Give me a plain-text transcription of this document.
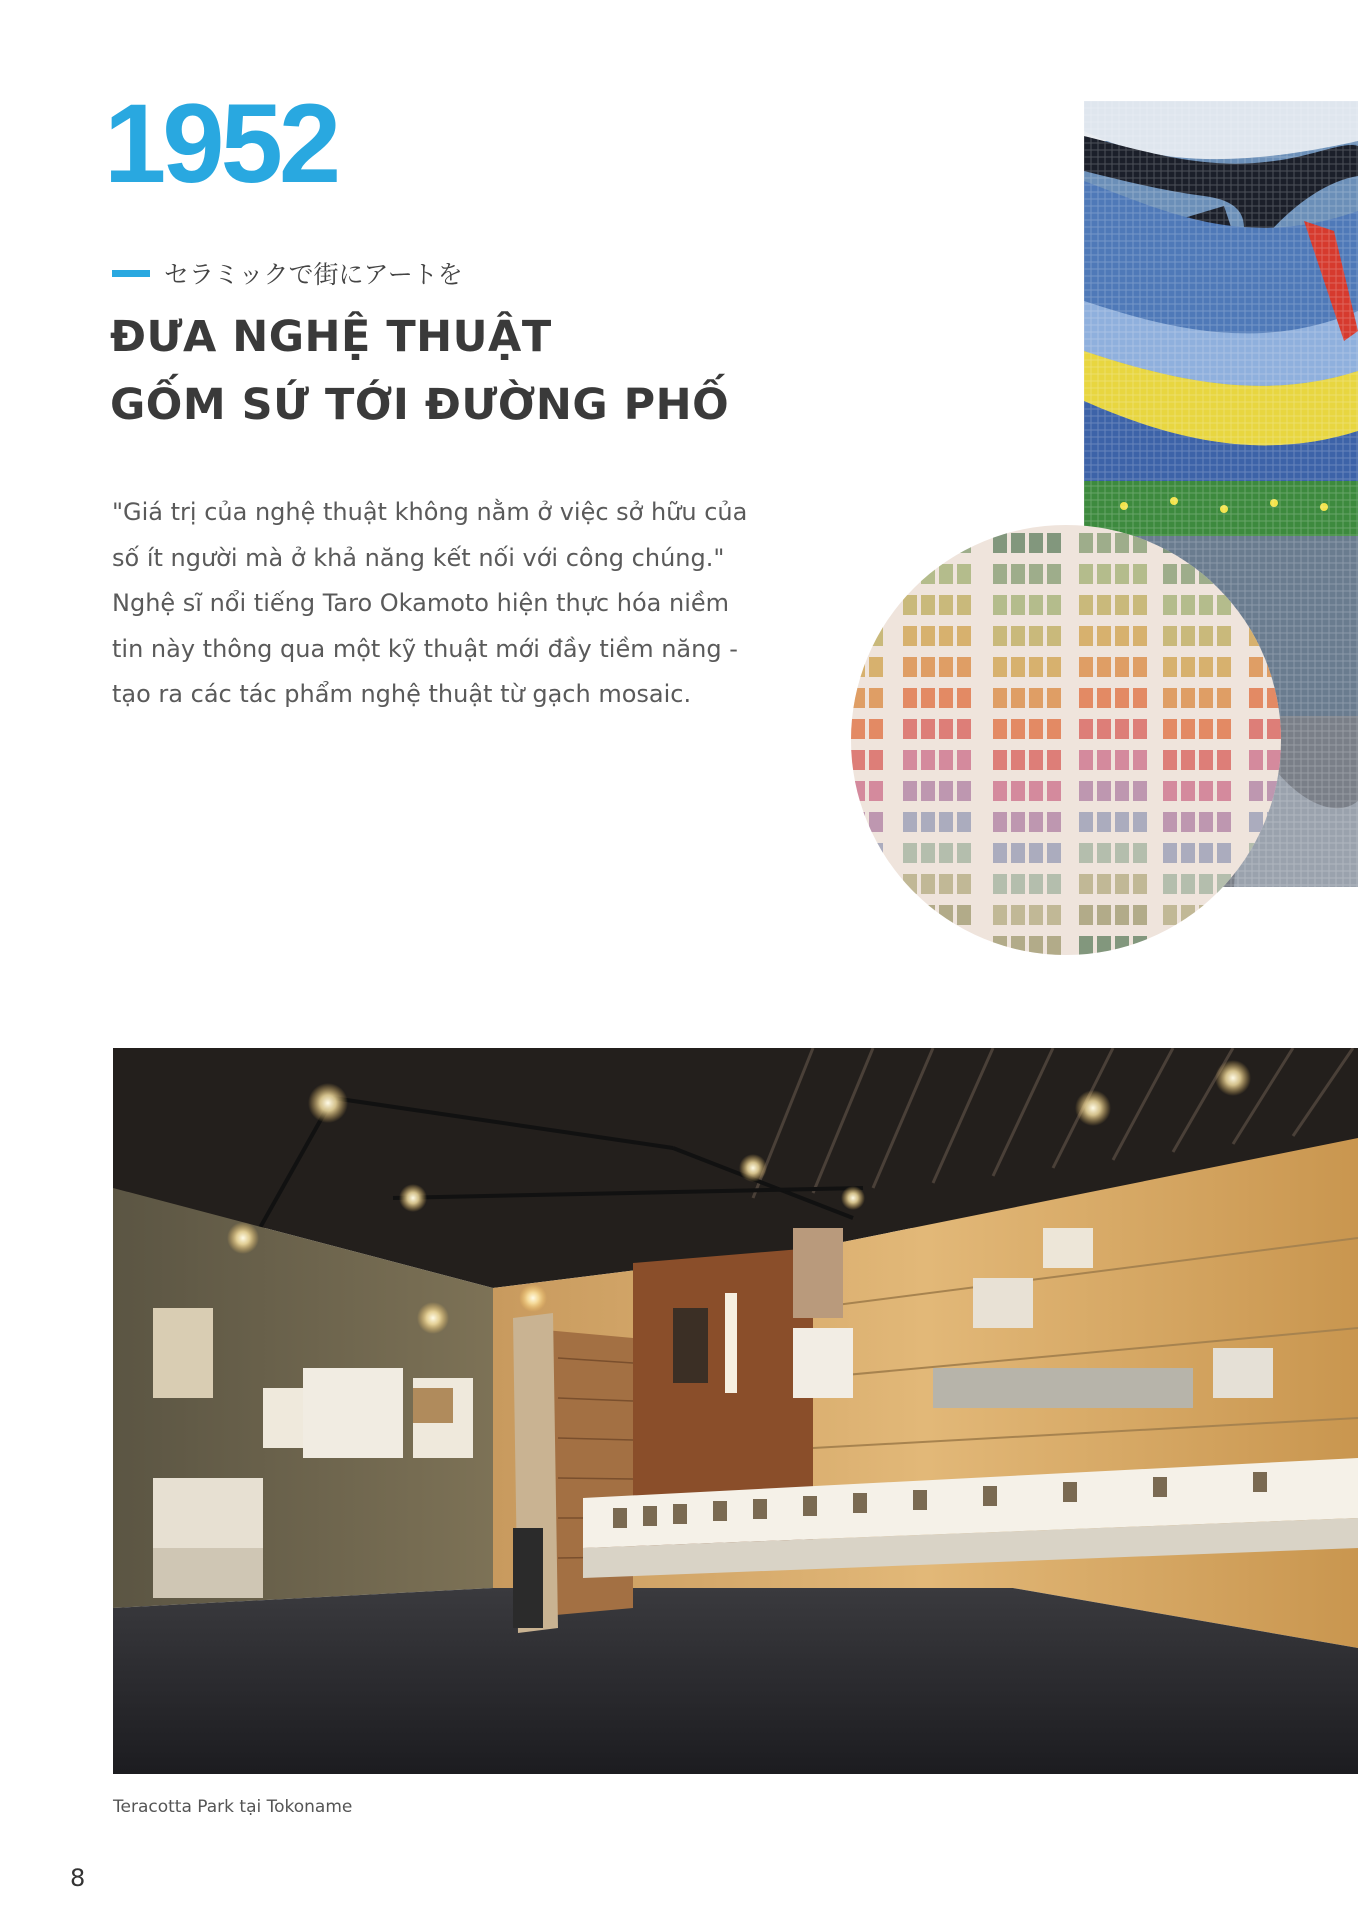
1952
セラミックで街にアートを
ĐƯA NGHỆ THUẬT
GỐM SỨ TỚI ĐƯỜNG PHỐ
"Giá trị của nghệ thuật không nằm ở việc sở hữu của
số ít người mà ở khả năng kết nối với công chúng."
Nghệ sĩ nổi tiếng Taro Okamoto hiện thực hóa niềm
tin này thông qua một kỹ thuật mới đầy tiềm năng -
tạo ra các tác phẩm nghệ thuật từ gạch mosaic.
Teracotta Park tại Tokoname
8
